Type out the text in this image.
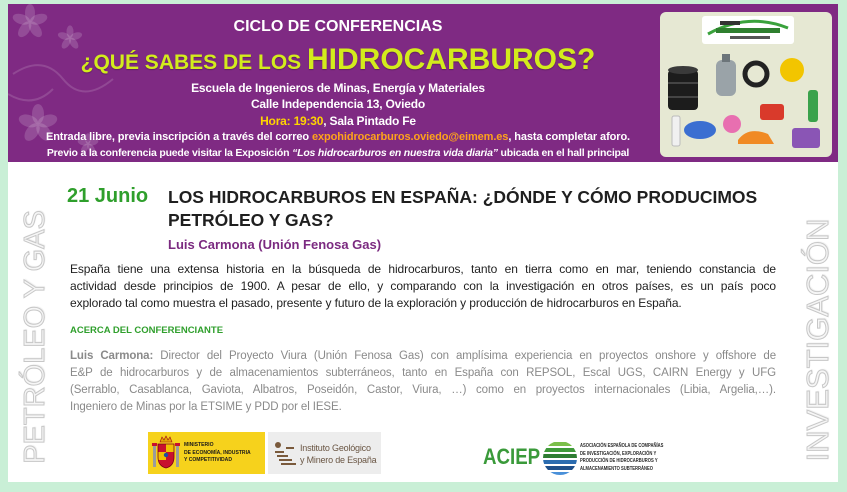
CICLO DE CONFERENCIAS
¿QUÉ SABES DE LOS HIDROCARBUROS?
Escuela de Ingenieros de Minas, Energía y Materiales
Calle Independencia 13, Oviedo
Hora: 19:30, Sala Pintado Fe
Entrada libre, previa inscripción a través del correo expohidrocarburos.oviedo@eimem.es, hasta completar aforo.
Previo a la conferencia puede visitar la Exposición “Los hidrocarburos en nuestra vida diaria” ubicada en el hall principal
PETRÓLEO Y GAS	INVESTIGACIÓN
21 Junio LOS HIDROCARBUROS EN ESPAÑA: ¿DÓNDE Y CÓMO PRODUCIMOS
PETRÓLEO Y GAS?
Luis Carmona (Unión Fenosa Gas)
España tiene una extensa historia en la búsqueda de hidrocarburos, tanto en tierra como en mar, teniendo constancia de
actividad desde principios de 1900. A pesar de ello, y comparando con la investigación en otros países, es un país poco
explorado tal como muestra el pasado, presente y futuro de la exploración y producción de hidrocarburos en España.
ACERCA DEL CONFERENCIANTE
Luis Carmona: Director del Proyecto Viura (Unión Fenosa Gas) con amplísima experiencia en proyectos onshore y offshore de
E&P de hidrocarburos y de almacenamientos subterráneos, tanto en España con REPSOL, Escal UGS, CAIRN Energy y UFG
(Serrablo, Casablanca, Gaviota, Albatros, Poseidón, Castor, Viura, …) como en proyectos internacionales (Libia, Argelia,…).
Ingeniero de Minas por la ETSIME y PDD por el IESE.
MINISTERIO
DE ECONOMÍA, INDUSTRIA
Y COMPETITIVIDAD
Instituto Geológico
y Minero de España	ACIEP	ASOCIACIÓN ESPAÑOLA DE COMPAÑÍAS
DE INVESTIGACIÓN, EXPLORACIÓN Y
PRODUCCIÓN DE HIDROCARBUROS Y
ALMACENAMIENTO SUBTERRÁNEO
